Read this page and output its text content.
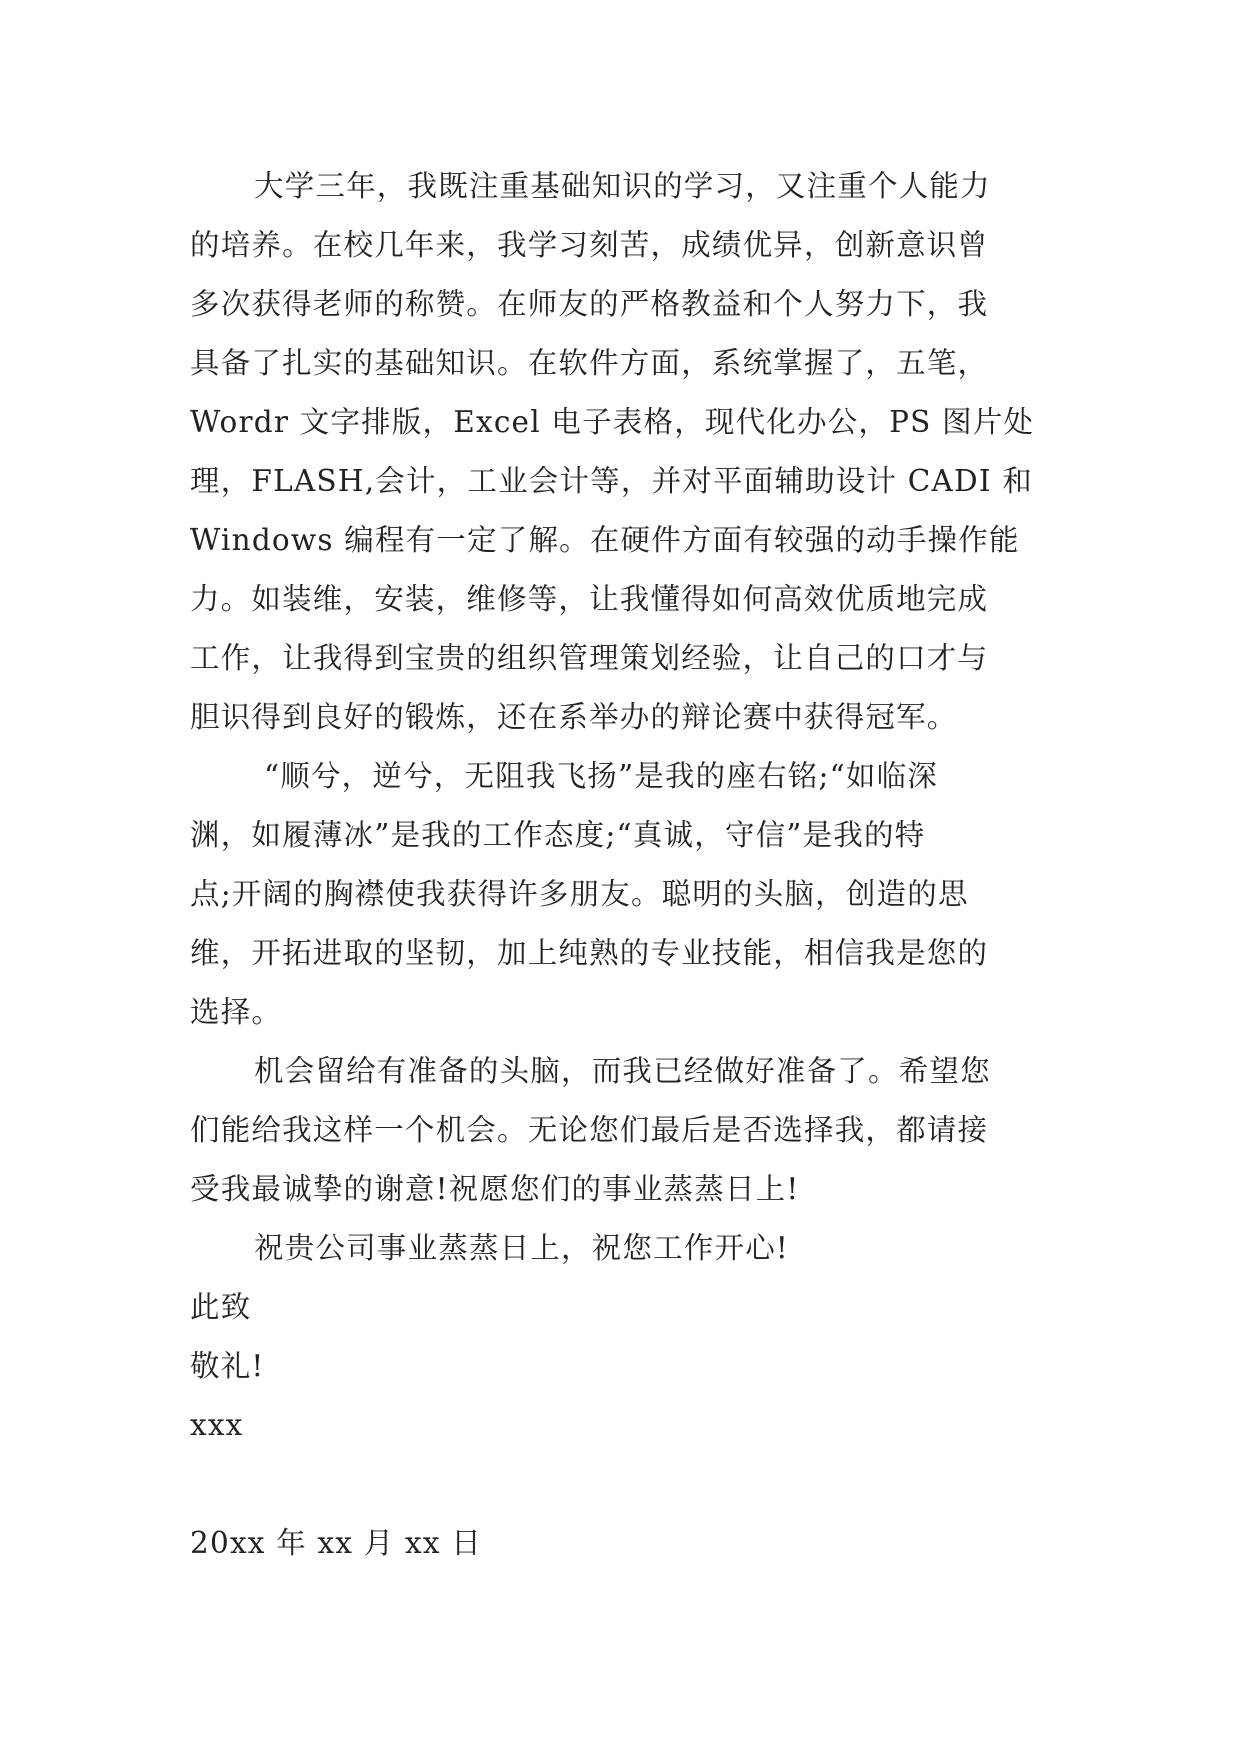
大学三年，我既注重基础知识的学习，又注重个人能力
的培养。在校几年来，我学习刻苦，成绩优异，创新意识曾
多次获得老师的称赞。在师友的严格教益和个人努力下，我
具备了扎实的基础知识。在软件方面，系统掌握了，五笔，
Wordr 文字排版，Excel 电子表格，现代化办公，PS 图片处
理，FLASH,会计，工业会计等，并对平面辅助设计 CADI 和
Windows 编程有一定了解。在硬件方面有较强的动手操作能
力。如装维，安装，维修等，让我懂得如何高效优质地完成
工作，让我得到宝贵的组织管理策划经验，让自己的口才与
胆识得到良好的锻炼，还在系举办的辩论赛中获得冠军。
“顺兮，逆兮，无阻我飞扬”是我的座右铭;“如临深
渊，如履薄冰”是我的工作态度;“真诚，守信”是我的特
点;开阔的胸襟使我获得许多朋友。聪明的头脑，创造的思
维，开拓进取的坚韧，加上纯熟的专业技能，相信我是您的
选择。
机会留给有准备的头脑，而我已经做好准备了。希望您
们能给我这样一个机会。无论您们最后是否选择我，都请接
受我最诚挚的谢意!祝愿您们的事业蒸蒸日上!
祝贵公司事业蒸蒸日上，祝您工作开心!
此致
敬礼!
xxx
20xx 年 xx 月 xx 日
